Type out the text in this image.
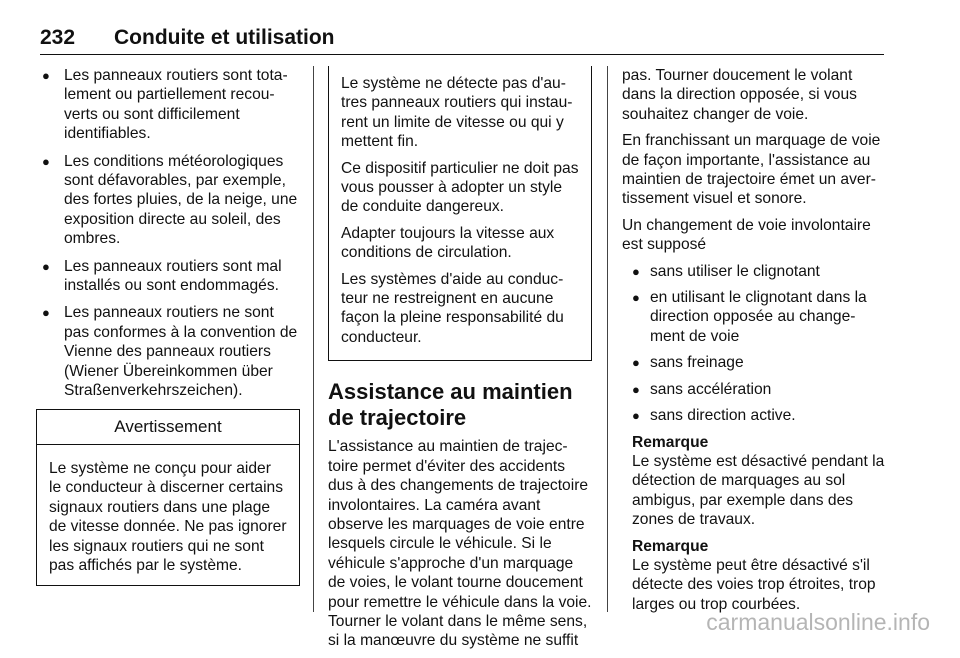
232	Conduite et utilisation
● Les panneaux routiers sont tota-lement ou partiellement recou-verts ou sont difficilement identifiables.
● Les conditions météorologiques sont défavorables, par exemple, des fortes pluies, de la neige, une exposition directe au soleil, des ombres.
● Les panneaux routiers sont mal installés ou sont endommagés.
● Les panneaux routiers ne sont pas conformes à la convention de Vienne des panneaux routiers (Wiener Übereinkommen über Straßenverkehrszeichen).
Avertissement
Le système ne conçu pour aider le conducteur à discerner certains signaux routiers dans une plage de vitesse donnée. Ne pas ignorer les signaux routiers qui ne sont pas affichés par le système.

Le système ne détecte pas d'au-tres panneaux routiers qui instau-rent un limite de vitesse ou qui y mettent fin.

Ce dispositif particulier ne doit pas vous pousser à adopter un style de conduite dangereux.

Adapter toujours la vitesse aux conditions de circulation.

Les systèmes d'aide au conduc-teur ne restreignent en aucune façon la pleine responsabilité du conducteur.

Assistance au maintien de trajectoire

L'assistance au maintien de trajec-toire permet d'éviter des accidents dus à des changements de trajectoire involontaires. La caméra avant observe les marquages de voie entre lesquels circule le véhicule. Si le véhicule s'approche d'un marquage de voies, le volant tourne doucement pour remettre le véhicule dans la voie. Tourner le volant dans le même sens, si la manœuvre du système ne suffit

pas. Tourner doucement le volant dans la direction opposée, si vous souhaitez changer de voie.

En franchissant un marquage de voie de façon importante, l'assistance au maintien de trajectoire émet un aver-tissement visuel et sonore.

Un changement de voie involontaire est supposé

● sans utiliser le clignotant
● en utilisant le clignotant dans la direction opposée au change-ment de voie
● sans freinage
● sans accélération
● sans direction active.
Remarque

Le système est désactivé pendant la détection de marquages au sol ambigus, par exemple dans des zones de travaux.

Remarque

Le système peut être désactivé s'il détecte des voies trop étroites, trop larges ou trop courbées.

carmanualsonline.info
